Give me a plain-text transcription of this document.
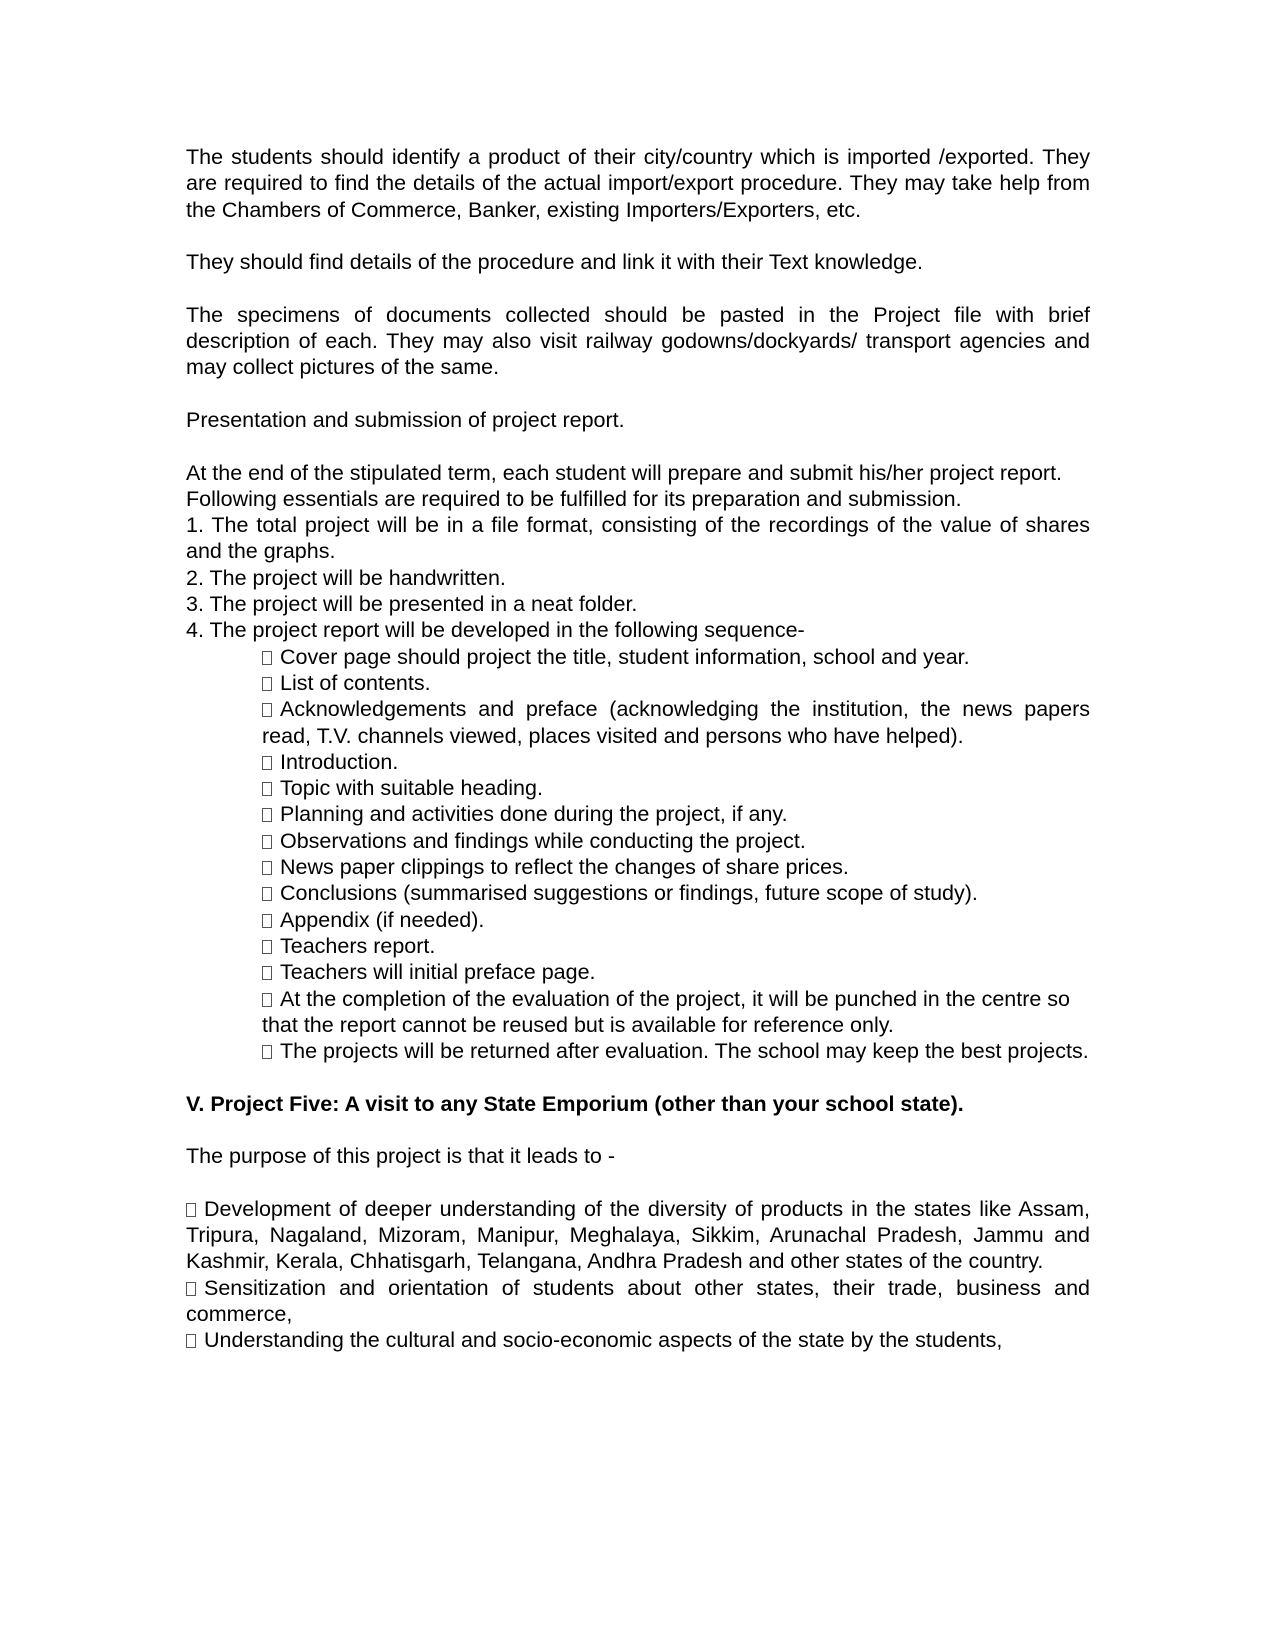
The students should identify a product of their city/country which is imported /exported. They are required to find the details of the actual import/export procedure. They may take help from the Chambers of Commerce, Banker, existing Importers/Exporters, etc.

They should find details of the procedure and link it with their Text knowledge.

The specimens of documents collected should be pasted in the Project file with brief description of each. They may also visit railway godowns/dockyards/ transport agencies and may collect pictures of the same.

Presentation and submission of project report.

At the end of the stipulated term, each student will prepare and submit his/her project report.

Following essentials are required to be fulfilled for its preparation and submission.

1. The total project will be in a file format, consisting of the recordings of the value of shares and the graphs.

2. The project will be handwritten.

3. The project will be presented in a neat folder.

4. The project report will be developed in the following sequence-

Cover page should project the title, student information, school and year.

List of contents.

Acknowledgements and preface (acknowledging the institution, the news papers read, T.V. channels viewed, places visited and persons who have helped).

Introduction.

Topic with suitable heading.

Planning and activities done during the project, if any.

Observations and findings while conducting the project.

News paper clippings to reflect the changes of share prices.

Conclusions (summarised suggestions or findings, future scope of study).

Appendix (if needed).

Teachers report.

Teachers will initial preface page.

At the completion of the evaluation of the project, it will be punched in the centre so that the report cannot be reused but is available for reference only.

The projects will be returned after evaluation. The school may keep the best projects.

V. Project Five: A visit to any State Emporium (other than your school state).

The purpose of this project is that it leads to -

Development of deeper understanding of the diversity of products in the states like Assam, Tripura, Nagaland, Mizoram, Manipur, Meghalaya, Sikkim, Arunachal Pradesh, Jammu and Kashmir, Kerala, Chhatisgarh, Telangana, Andhra Pradesh and other states of the country.

Sensitization and orientation of students about other states, their trade, business and commerce,

Understanding the cultural and socio-economic aspects of the state by the students,
